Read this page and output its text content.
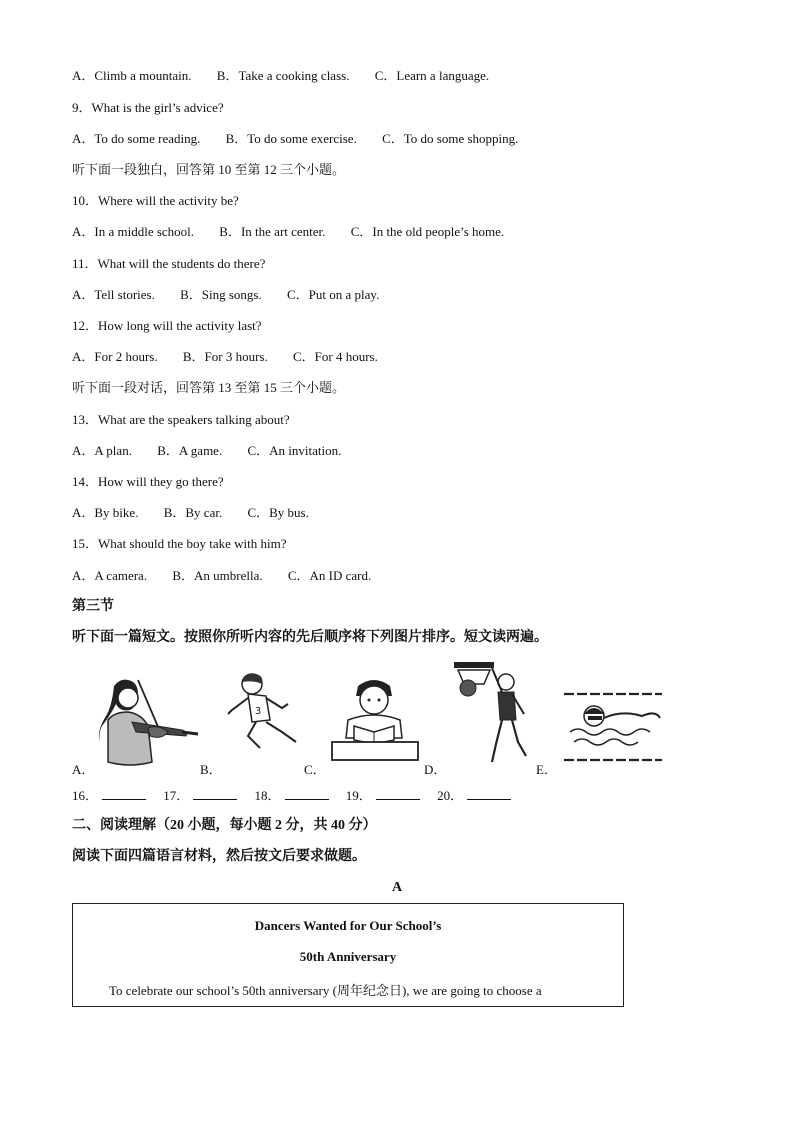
A．Climb a mountain. B．Take a cooking class. C．Learn a language.
9．What is the girl’s advice?
A．To do some reading. B．To do some exercise. C．To do some shopping.
听下面一段独白，回答第 10 至第 12 三个小题。
10．Where will the activity be?
A．In a middle school. B．In the art center. C．In the old people’s home.
11．What will the students do there?
A．Tell stories. B．Sing songs. C．Put on a play.
12．How long will the activity last?
A．For 2 hours. B．For 3 hours. C．For 4 hours.
听下面一段对话，回答第 13 至第 15 三个小题。
13．What are the speakers talking about?
A．A plan. B．A game. C．An invitation.
14．How will they go there?
A．By bike. B．By car. C．By bus.
15．What should the boy take with him?
A．A camera. B．An umbrella. C．An ID card.
第三节
听下面一篇短文。按照你所听内容的先后顺序将下列图片排序。短文读两遍。
3
A．	B．	C．	D．	E．
16．	17．	18．	19．	20．
二、阅读理解（20 小题，每小题 2 分，共 40 分）
阅读下面四篇语言材料，然后按文后要求做题。
A
Dancers Wanted for Our School’s
50th Anniversary
To celebrate our school’s 50th anniversary (周年纪念日), we are going to choose a
